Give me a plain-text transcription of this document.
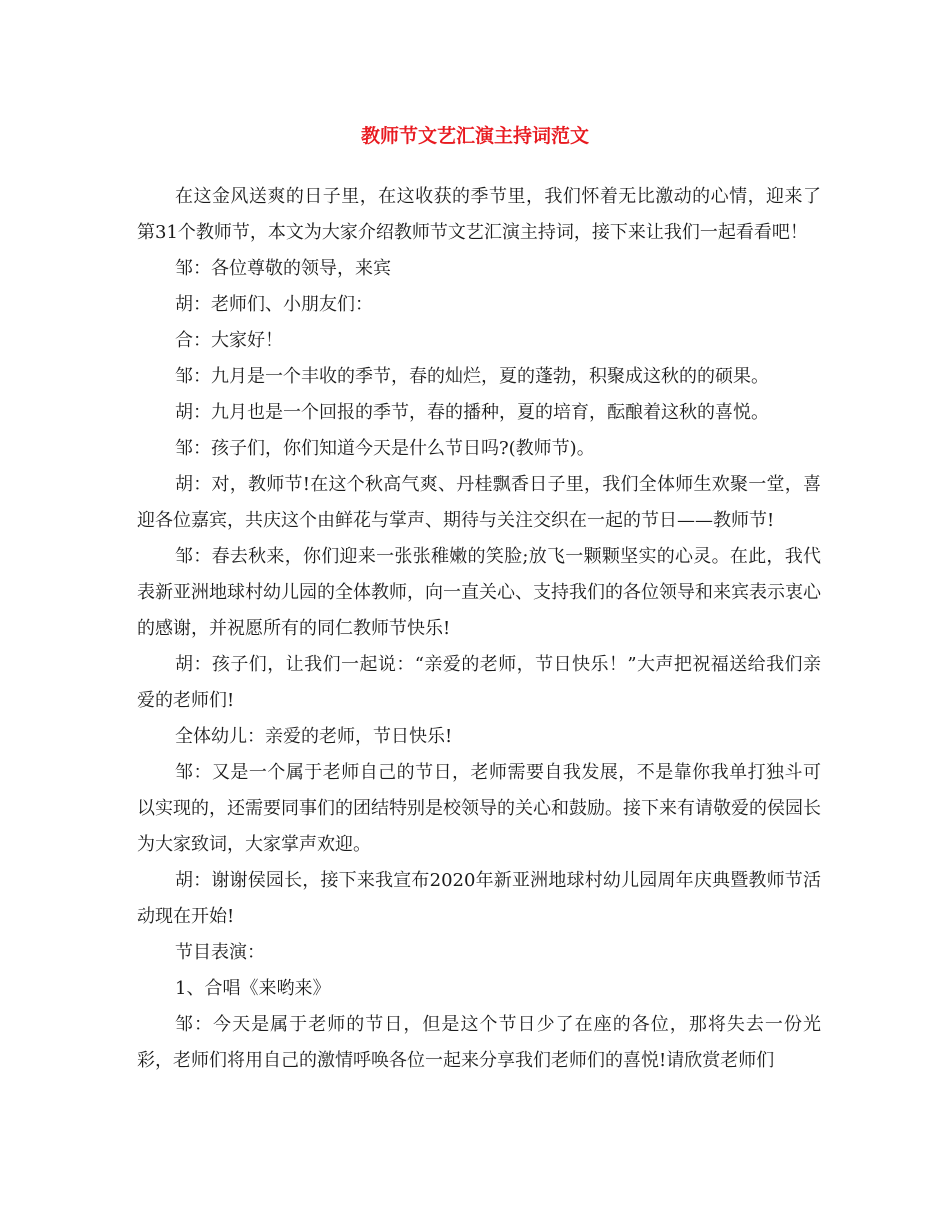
教师节文艺汇演主持词范文

在这金风送爽的日子里，在这收获的季节里，我们怀着无比激动的心情，迎来了第31个教师节，本文为大家介绍教师节文艺汇演主持词，接下来让我们一起看看吧！

邹：各位尊敬的领导，来宾

胡：老师们、小朋友们：

合：大家好！

邹：九月是一个丰收的季节，春的灿烂，夏的蓬勃，积聚成这秋的的硕果。

胡：九月也是一个回报的季节，春的播种，夏的培育，酝酿着这秋的喜悦。

邹：孩子们，你们知道今天是什么节日吗?(教师节)。

胡：对，教师节!在这个秋高气爽、丹桂飘香日子里，我们全体师生欢聚一堂，喜迎各位嘉宾，共庆这个由鲜花与掌声、期待与关注交织在一起的节日——教师节!

邹：春去秋来，你们迎来一张张稚嫩的笑脸;放飞一颗颗坚实的心灵。在此，我代表新亚洲地球村幼儿园的全体教师，向一直关心、支持我们的各位领导和来宾表示衷心的感谢，并祝愿所有的同仁教师节快乐!

胡：孩子们，让我们一起说：“亲爱的老师，节日快乐！”大声把祝福送给我们亲爱的老师们!

全体幼儿：亲爱的老师，节日快乐!

邹：又是一个属于老师自己的节日，老师需要自我发展，不是靠你我单打独斗可以实现的，还需要同事们的团结特别是校领导的关心和鼓励。接下来有请敬爱的侯园长为大家致词，大家掌声欢迎。

胡：谢谢侯园长，接下来我宣布2020年新亚洲地球村幼儿园周年庆典暨教师节活动现在开始!

节目表演：

1、合唱《来哟来》

邹：今天是属于老师的节日，但是这个节日少了在座的各位，那将失去一份光彩，老师们将用自己的激情呼唤各位一起来分享我们老师们的喜悦!请欣赏老师们
